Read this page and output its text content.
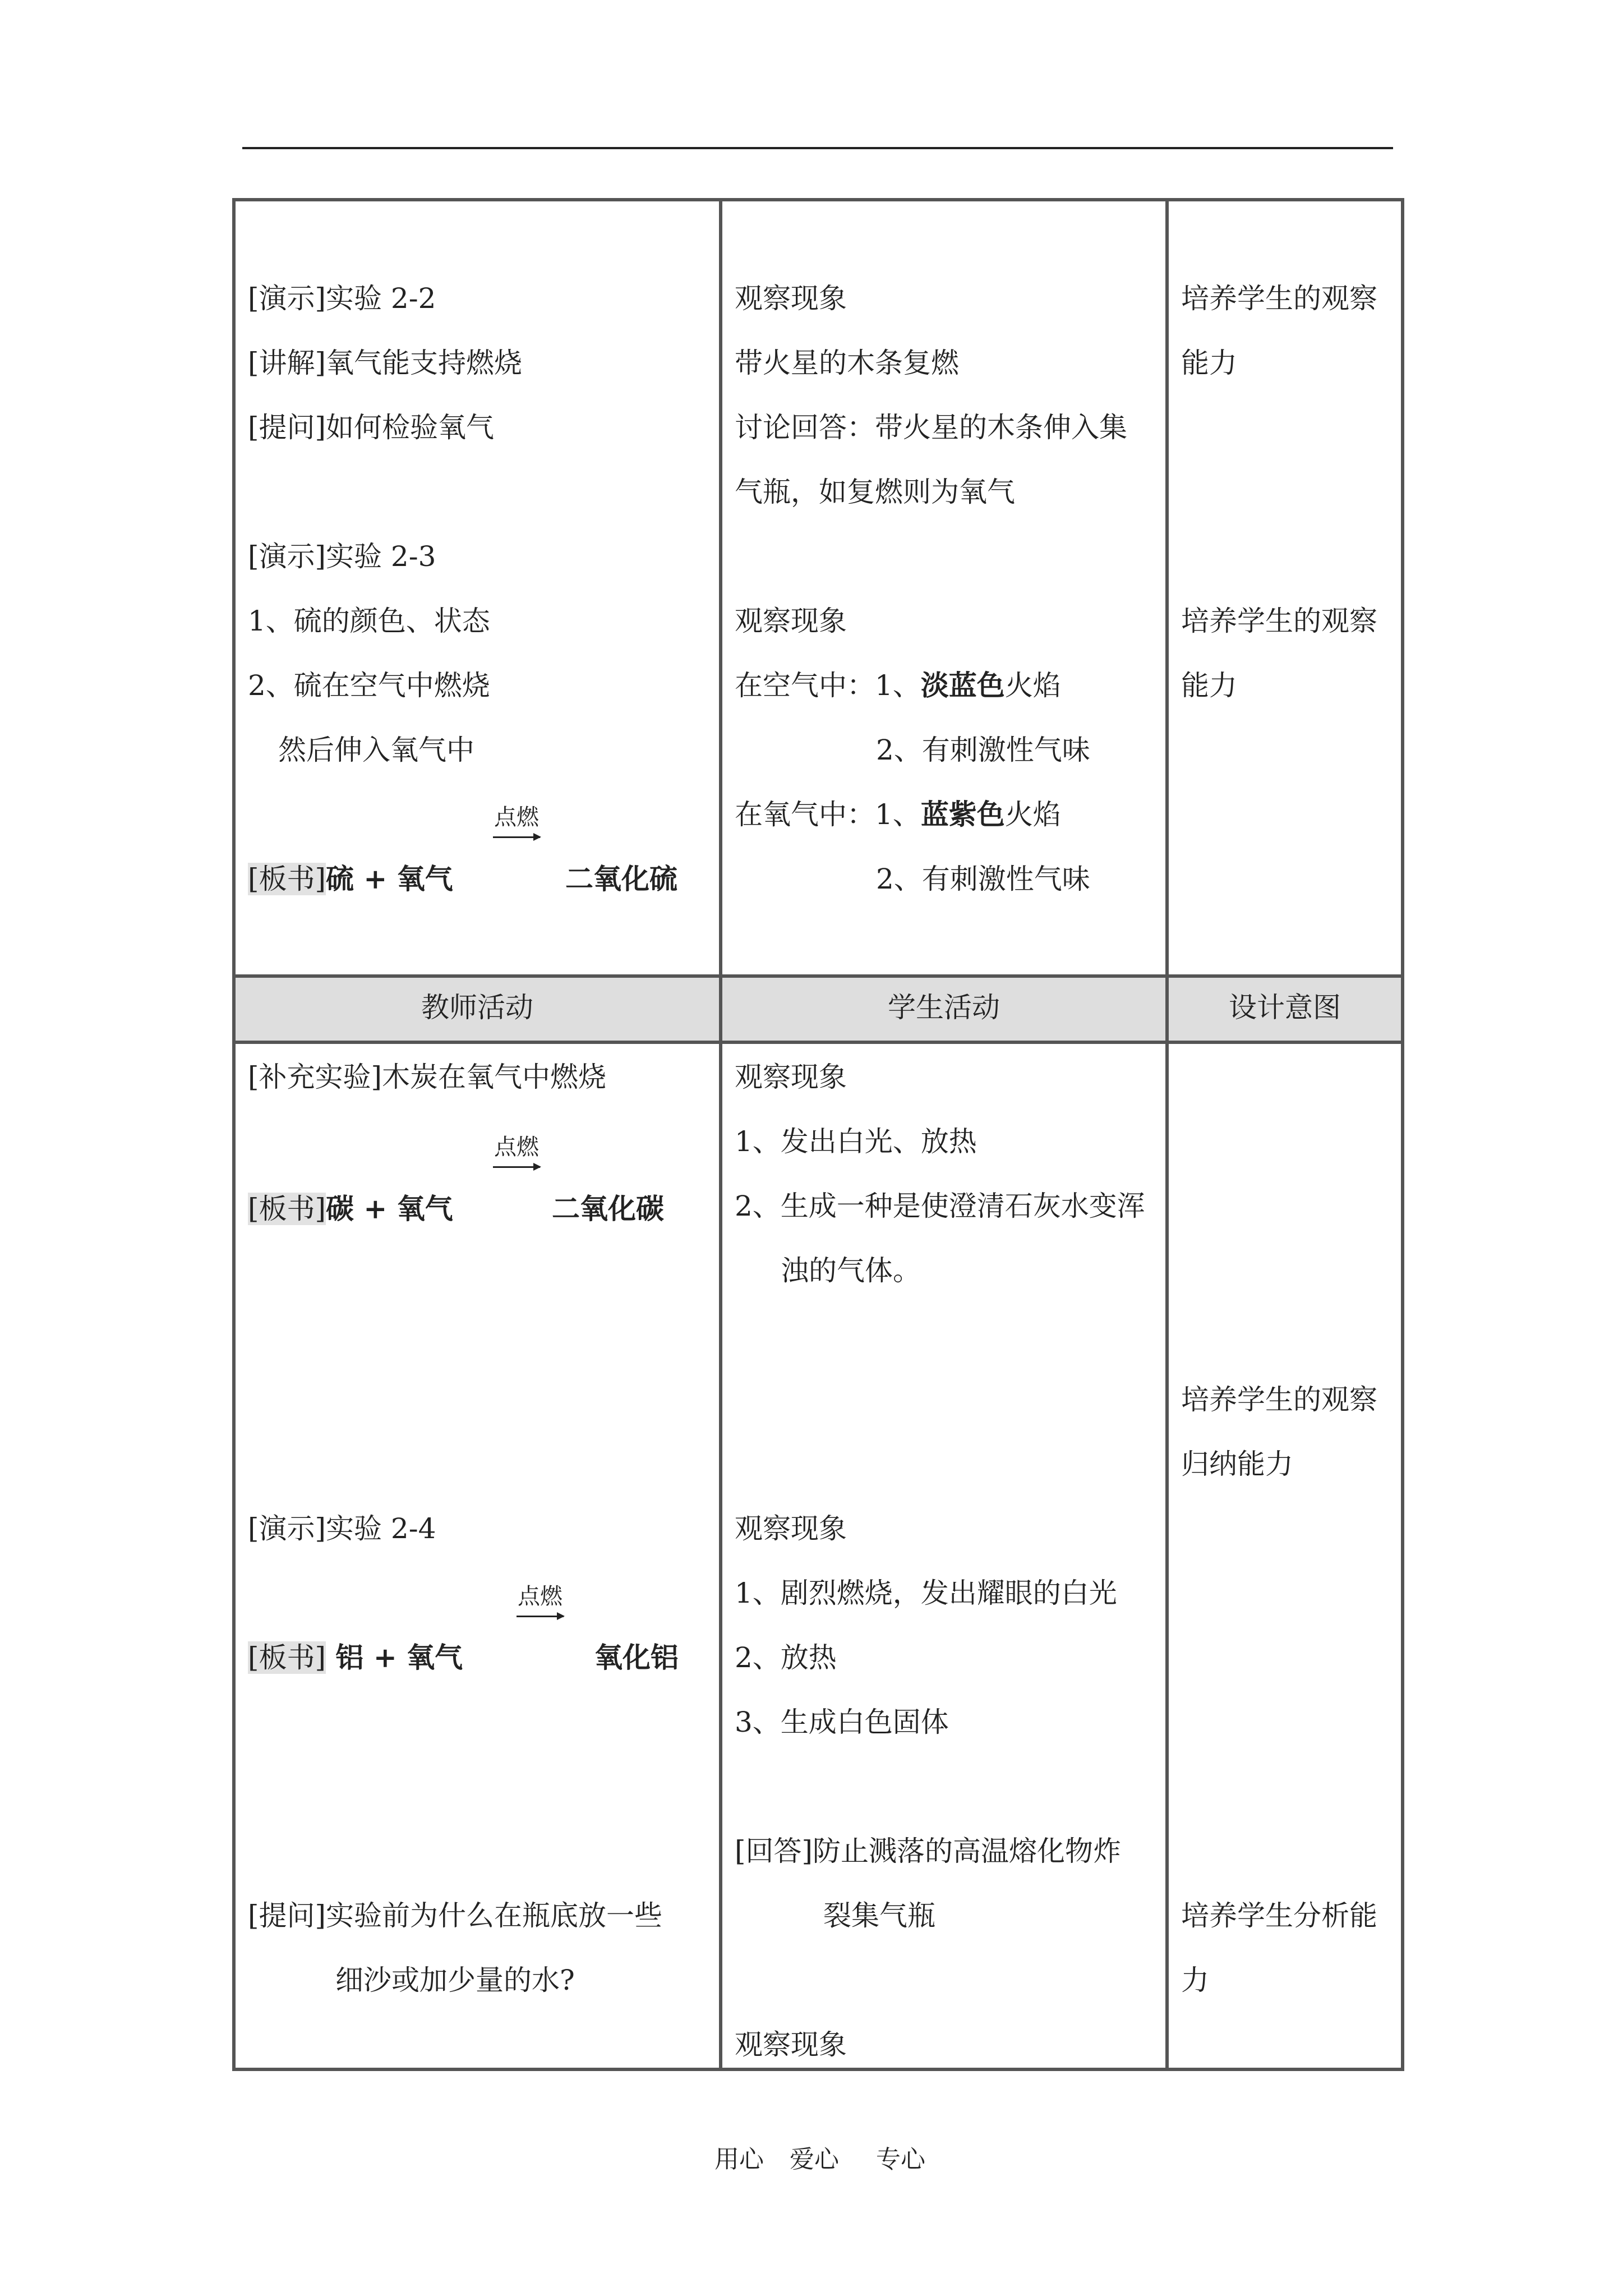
教师活动	学生活动	设计意图
[演示]实验 2-2
[讲解]氧气能支持燃烧
[提问]如何检验氧气
[演示]实验 2-3
1、硫的颜色、状态
2、硫在空气中燃烧
然后伸入氧气中
[板书]硫 + 氧气
点燃
二氧化硫
观察现象
带火星的木条复燃
讨论回答：带火星的木条伸入集
气瓶，如复燃则为氧气
观察现象
在空气中：1、淡蓝色火焰
2、有刺激性气味
在氧气中：1、蓝紫色火焰
2、有刺激性气味
培养学生的观察
能力
培养学生的观察
能力
[补充实验]木炭在氧气中燃烧
[板书]碳 + 氧气
点燃
二氧化碳
[演示]实验 2-4
[板书] 铝 + 氧气
点燃
氧化铝
[提问]实验前为什么在瓶底放一些
细沙或加少量的水?
观察现象
1、发出白光、放热
2、生成一种是使澄清石灰水变浑
浊的气体。
观察现象
1、剧烈燃烧，发出耀眼的白光
2、放热
3、生成白色固体
[回答]防止溅落的高温熔化物炸
裂集气瓶
观察现象
培养学生的观察
归纳能力
培养学生分析能
力
用心 爱心 专心
